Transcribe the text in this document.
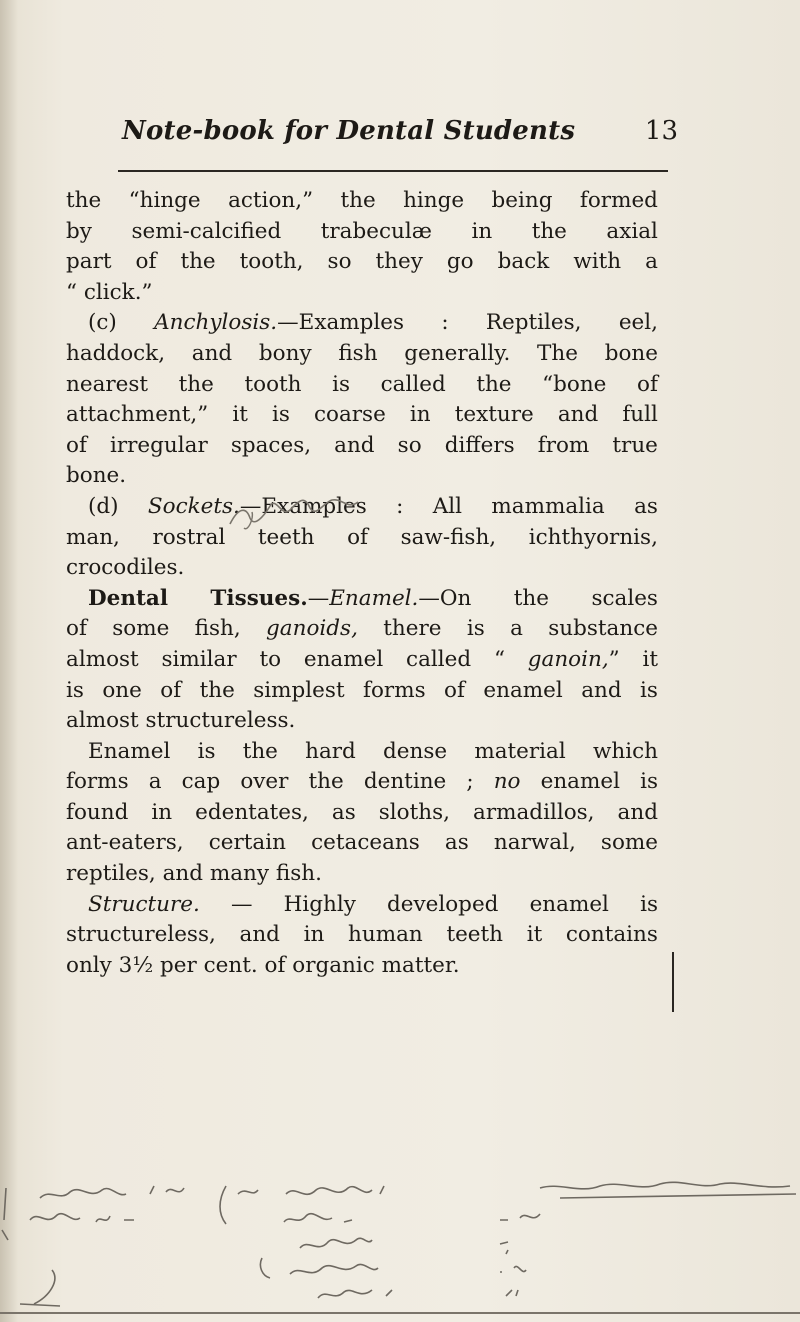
Note-book for Dental Students	13
the “hinge action,” the hinge being formed
by semi-calcified trabeculæ in the axial
part of the tooth, so they go back with a
“ click.”
(c) Anchylosis.—Examples : Reptiles, eel,
haddock, and bony fish generally. The bone
nearest the tooth is called the “bone of
attachment,” it is coarse in texture and full
of irregular spaces, and so differs from true
bone.
(d) Sockets.—Examples : All mammalia as
man, rostral teeth of saw-fish, ichthyornis,
crocodiles.
Dental Tissues.—Enamel.—On the scales
of some fish, ganoids, there is a substance
almost similar to enamel called “ ganoin,” it
is one of the simplest forms of enamel and is
almost structureless.
Enamel is the hard dense material which
forms a cap over the dentine ; no enamel is
found in edentates, as sloths, armadillos, and
ant-eaters, certain cetaceans as narwal, some
reptiles, and many fish.
Structure. — Highly developed enamel is
structureless, and in human teeth it contains
only 3½ per cent. of organic matter.
